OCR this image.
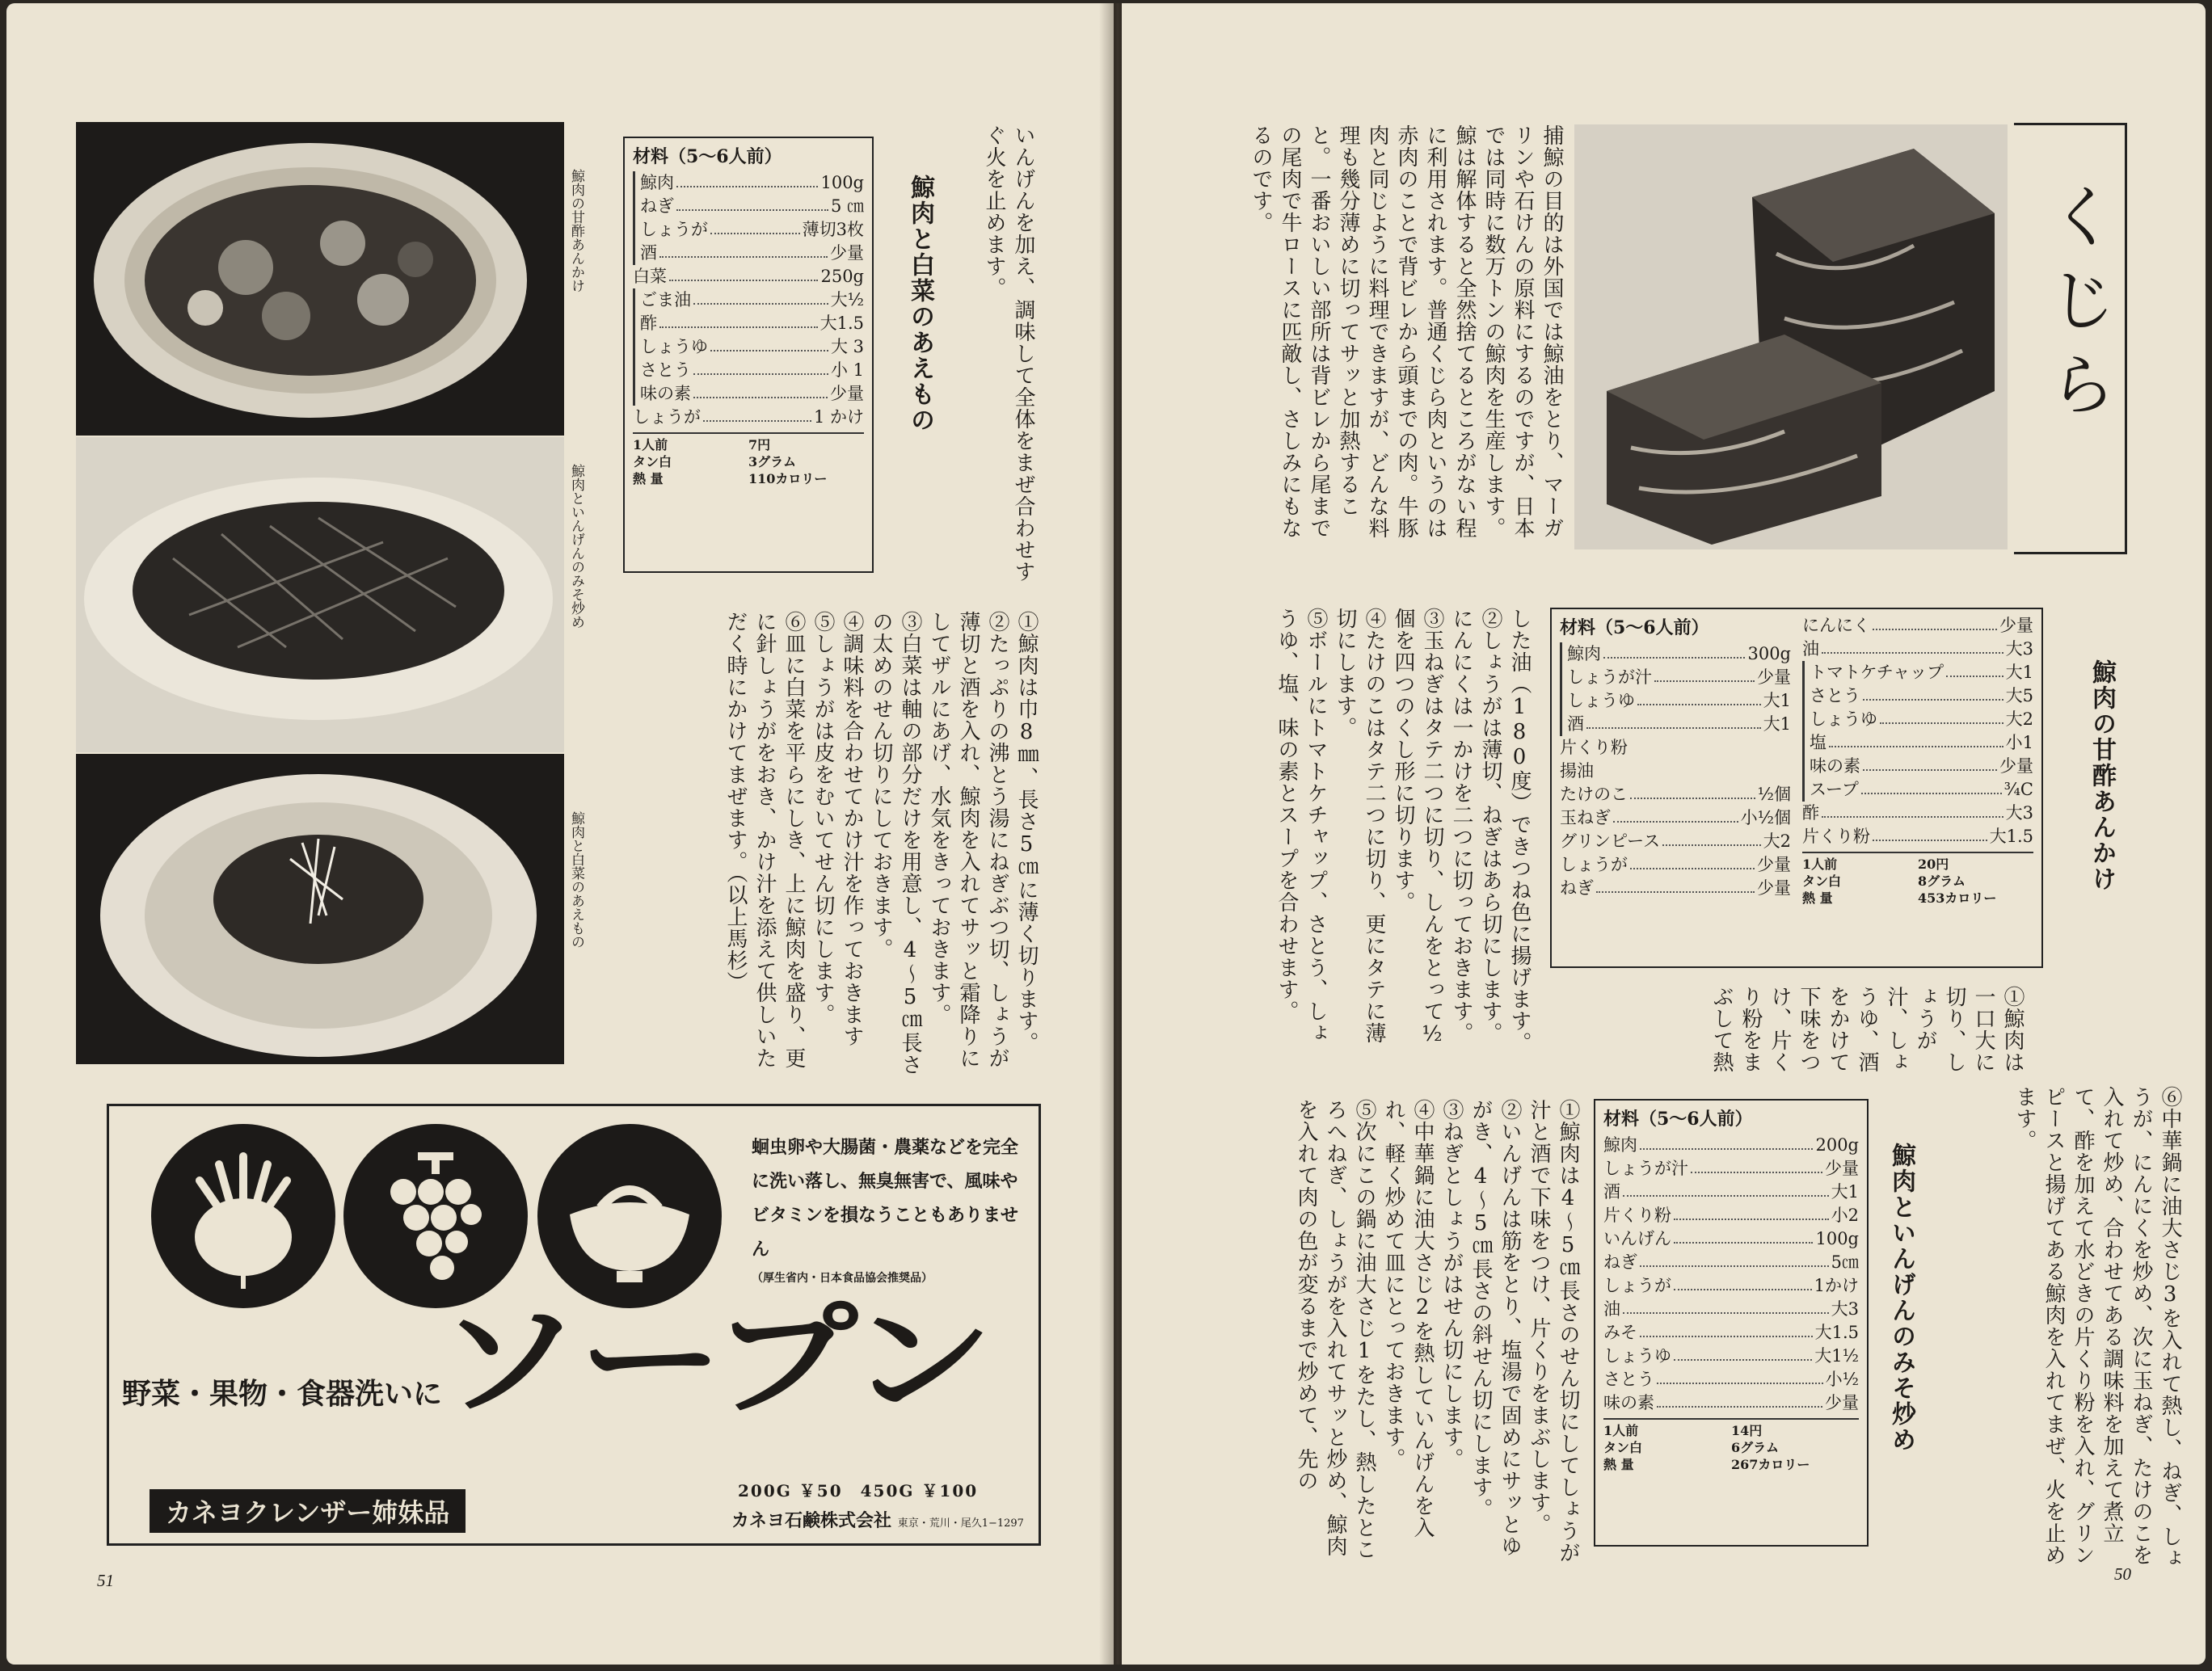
鯨肉の甘酢あんかけ
鯨肉といんげんのみそ炒め
鯨肉と白菜のあえもの
材料（5〜6人前）
鯨肉	100g
ねぎ	5 ㎝
しょうが	薄切3枚
酒	少量
白菜	250g
ごま油	大½
酢	大1.5
しょうゆ	大 3
さとう	小 1
味の素	少量
しょうが	1 かけ
1人前	7円
タン白	3グラム
熱 量	110カロリー
鯨肉と白菜のあえもの	いんげんを加え、調味して全体をまぜ合わせすぐ火を止めます。

①鯨肉は巾8㎜、長さ5㎝に薄く切ります。

②たっぷりの沸とう湯にねぎぶつ切、しょうが薄切と酒を入れ、鯨肉を入れてサッと霜降りにしてザルにあげ、水気をきっておきます。

③白菜は軸の部分だけを用意し、4〜5㎝長さの太めのせん切りにしておきます。

④調味料を合わせてかけ汁を作っておきます

⑤しょうがは皮をむいてせん切にします。

⑥皿に白菜を平らにしき、上に鯨肉を盛り、更に針しょうがをおき、かけ汁を添えて供しいただく時にかけてまぜます。（以上馬杉）

蛔虫卵や大腸菌・農薬などを完全に洗い落し、無臭無害で、風味やビタミンを損なうこともありません
（厚生省内・日本食品協会推奨品）
野菜・果物・食器洗いに
ソープン
カネヨクレンザー姉妹品
200G ￥50　450G ￥100
カネヨ石鹸株式会社 東京・荒川・尾久1−1297
51
くじら

捕鯨の目的は外国では鯨油をとり、マーガリンや石けんの原料にするのですが、日本では同時に数万トンの鯨肉を生産します。

鯨は解体すると全然捨てるところがない程に利用されます。普通くじら肉というのは赤肉のことで背ビレから頭までの肉。牛豚肉と同じように料理できますが、どんな料理も幾分薄めに切ってサッと加熱すること。一番おいしい部所は背ビレから尾までの尾肉で牛ロースに匹敵し、さしみにもなるのです。

鯨肉の甘酢あんかけ
材料（5〜6人前）
鯨肉	300g
しょうが汁	少量
しょうゆ	大1
酒	大1
片くり粉
揚油
たけのこ	½個
玉ねぎ	小½個
グリンピース	大2
しょうが	少量
ねぎ	少量
にんにく	少量
油	大3
トマトケチャップ	大1
さとう	大5
しょうゆ	大2
塩	小1
味の素	少量
スープ	¾C
酢	大3
片くり粉	大1.5
1人前	20円
タン白	8グラム
熱 量	453カロリー

した油（180度）できつね色に揚げます。

②しょうがは薄切、ねぎはあら切にします。にんにくは一かけを二つに切っておきます。

③玉ねぎはタテ二つに切り、しんをとって½個を四つのくし形に切ります。

④たけのこはタテ二つに切り、更にタテに薄切にします。

⑤ボールにトマトケチャップ、さとう、しょうゆ、塩、味の素とスープを合わせます。

①鯨肉は一口大に切り、しょうが汁、しょうゆ、酒をかけて下味をつけ、片くり粉をまぶして熱
⑥中華鍋に油大さじ3を入れて熱し、ねぎ、しょうが、にんにくを炒め、次に玉ねぎ、たけのこを入れて炒め、合わせてある調味料を加えて煮立て、酢を加えて水どきの片くり粉を入れ、グリンピースと揚げてある鯨肉を入れてまぜ、火を止めます。
鯨肉といんげんのみそ炒め
材料（5〜6人前）
鯨肉	200g
しょうが汁	少量
酒	大1
片くり粉	小2
いんげん	100g
ねぎ	5㎝
しょうが	1かけ
油	大3
みそ	大1.5
しょうゆ	大1½
さとう	小½
味の素	少量
1人前	14円
タン白	6グラム
熱 量	267カロリー

①鯨肉は4〜5㎝長さのせん切にしてしょうが汁と酒で下味をつけ、片くりをまぶします。

②いんげんは筋をとり、塩湯で固めにサッとゆがき、4〜5㎝長さの斜せん切にします。

③ねぎとしょうがはせん切にします。

④中華鍋に油大さじ2を熱していんげんを入れ、軽く炒めて皿にとっておきます。

⑤次にこの鍋に油大さじ1をたし、熱したところへねぎ、しょうがを入れてサッと炒め、鯨肉を入れて肉の色が変るまで炒めて、先の

50
